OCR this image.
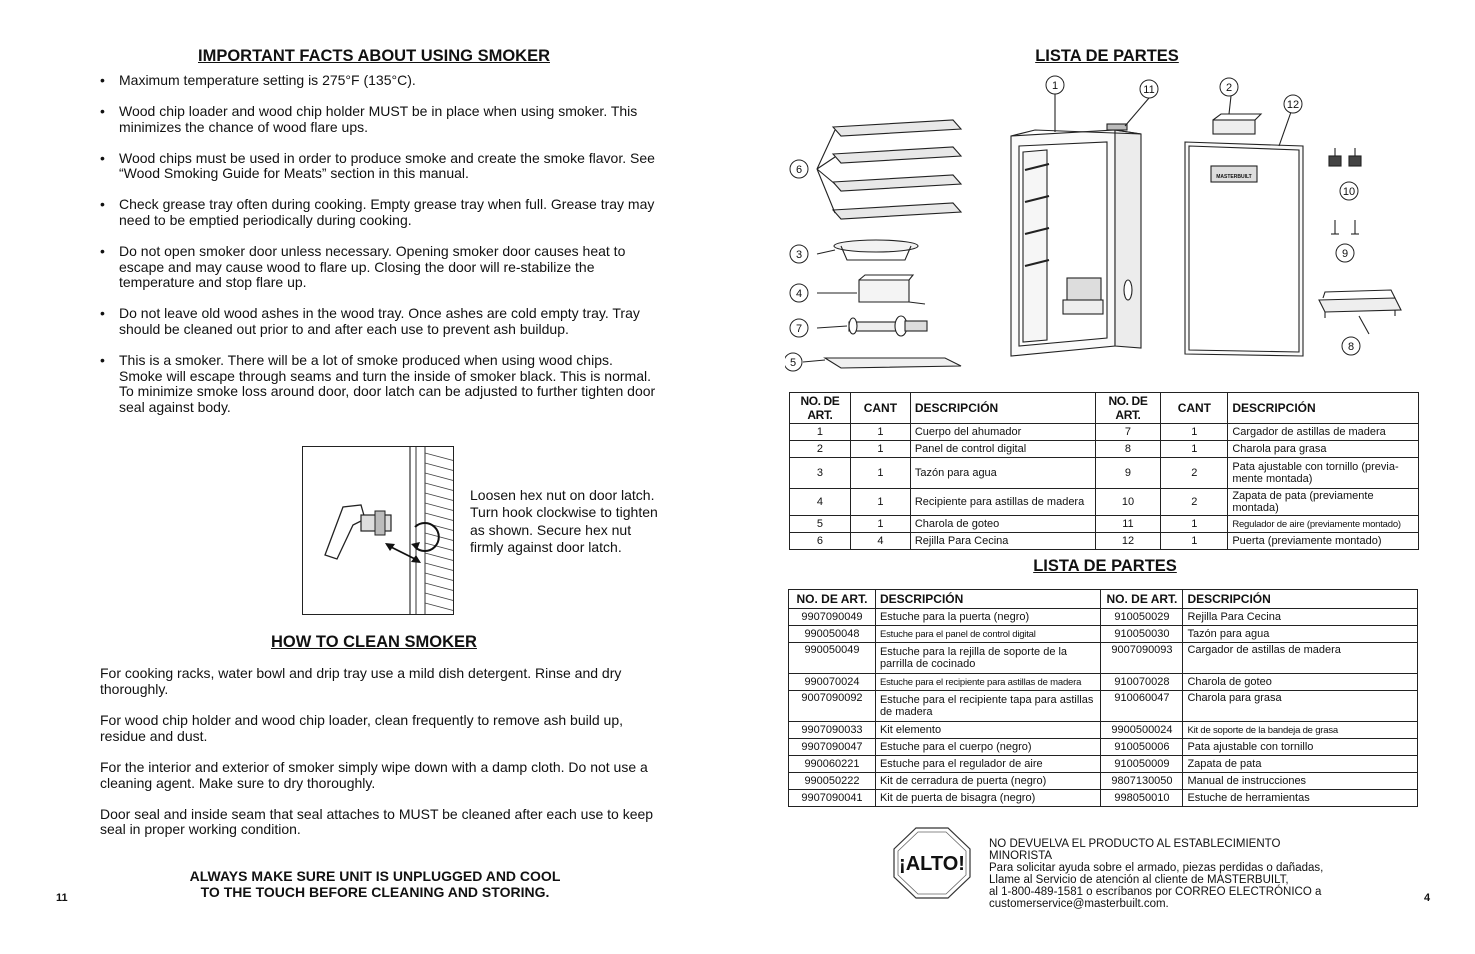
IMPORTANT FACTS ABOUT USING SMOKER
• Maximum temperature setting is 275°F (135°C).
• Wood chip loader and wood chip holder MUST be in place when using smoker. This minimizes the chance of wood flare ups.
• Wood chips must be used in order to produce smoke and create the smoke flavor. See “Wood Smoking Guide for Meats” section in this manual.
• Check grease tray often during cooking. Empty grease tray when full. Grease tray may need to be emptied periodically during cooking.
• Do not open smoker door unless necessary. Opening smoker door causes heat to escape and may cause wood to flare up. Closing the door will re-stabilize the temperature and stop flare up.
• Do not leave old wood ashes in the wood tray. Once ashes are cold empty tray. Tray should be cleaned out prior to and after each use to prevent ash buildup.
• This is a smoker. There will be a lot of smoke produced when using wood chips. Smoke will escape through seams and turn the inside of smoker black. This is normal. To minimize smoke loss around door, door latch can be adjusted to further tighten door seal against body.
Loosen hex nut on door latch. Turn hook clockwise to tighten as shown. Secure hex nut firmly against door latch.
HOW TO CLEAN SMOKER

For cooking racks, water bowl and drip tray use a mild dish detergent. Rinse and dry thoroughly.

For wood chip holder and wood chip loader, clean frequently to remove ash build up, residue and dust.

For the interior and exterior of smoker simply wipe down with a damp cloth. Do not use a cleaning agent. Make sure to dry thoroughly.

Door seal and inside seam that seal attaches to MUST be cleaned after each use to keep seal in proper working condition.

ALWAYS MAKE SURE UNIT IS UNPLUGGED AND COOL
TO THE TOUCH BEFORE CLEANING AND STORING.
11
LISTA DE PARTES
1	11	2
12
6
10
3	9
4
7
5
8
MASTERBUILT
NO. DE ART.	CANT	DESCRIPCIÓN	NO. DE ART.	CANT	DESCRIPCIÓN
1	1	Cuerpo del ahumador	7	1	Cargador de astillas de madera
2	1	Panel de control digital	8	1	Charola para grasa
3	1	Tazón para agua	9	2	Pata ajustable con tornillo (previa-mente montada)
4	1	Recipiente para astillas de madera	10	2	Zapata de pata (previamente montada)
5	1	Charola de goteo	11	1	Regulador de aire (previamente montado)
6	4	Rejilla Para Cecina	12	1	Puerta (previamente montado)
LISTA DE PARTES
NO. DE ART.	DESCRIPCIÓN	NO. DE ART.	DESCRIPCIÓN
9907090049	Estuche para la puerta (negro)	910050029	Rejilla Para Cecina
990050048	Estuche para el panel de control digital	910050030	Tazón para agua
990050049	Estuche para la rejilla de soporte de la parrilla de cocinado	9007090093	Cargador de astillas de madera
990070024	Estuche para el recipiente para astillas de madera	910070028	Charola de goteo
9007090092	Estuche para el recipiente tapa para astillas de madera	910060047	Charola para grasa
9907090033	Kit elemento	9900500024	Kit de soporte de la bandeja de grasa
9907090047	Estuche para el cuerpo (negro)	910050006	Pata ajustable con tornillo
990060221	Estuche para el regulador de aire	910050009	Zapata de pata
990050222	Kit de cerradura de puerta (negro)	9807130050	Manual de instrucciones
9907090041	Kit de puerta de bisagra (negro)	998050010	Estuche de herramientas
4
¡ALTO!
NO DEVUELVA EL PRODUCTO AL ESTABLECIMIENTO
MINORISTA
Para solicitar ayuda sobre el armado, piezas perdidas o dañadas,
Llame al Servicio de atención al cliente de MASTERBUILT,
al 1-800-489-1581 o escríbanos por CORREO ELECTRÓNICO a
customerservice@masterbuilt.com.
